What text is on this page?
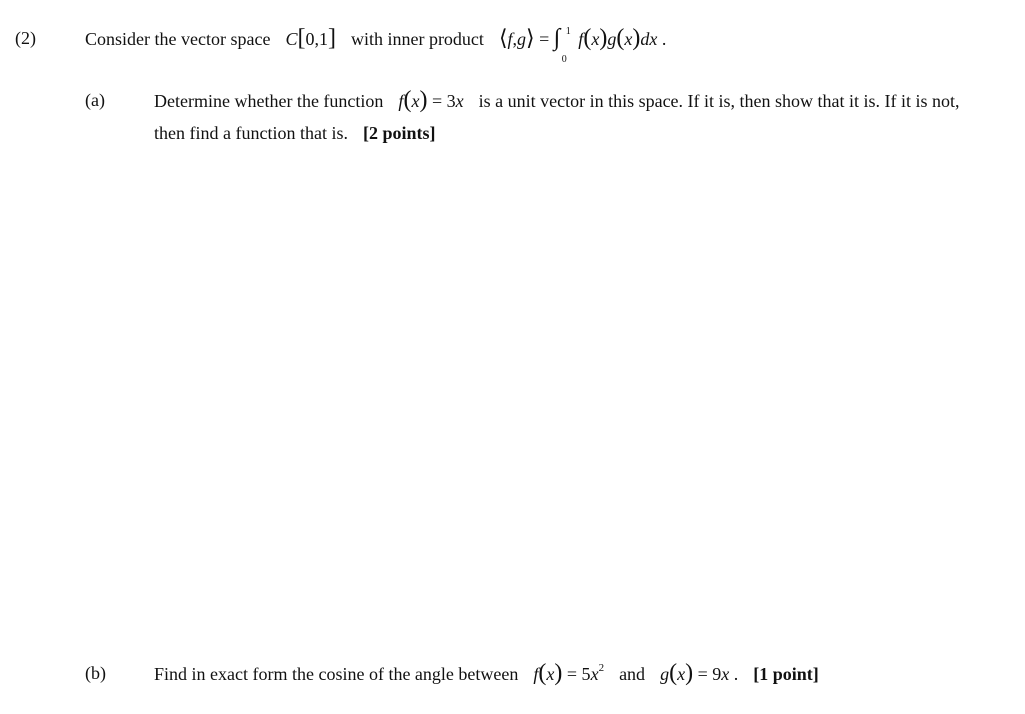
(2)	Consider the vector space C[0,1] with inner product ⟨f,g⟩ = ∫ 1
0
f(x)g(x)dx .
(a)	Determine whether the function f(x) = 3x is a unit vector in this space. If it is, then show that it is. If it is not,
then find a function that is. [2 points]
(b)	Find in exact form the cosine of the angle between $f(x) = 5x^2$ and g(x) = 9x . [1 point]
